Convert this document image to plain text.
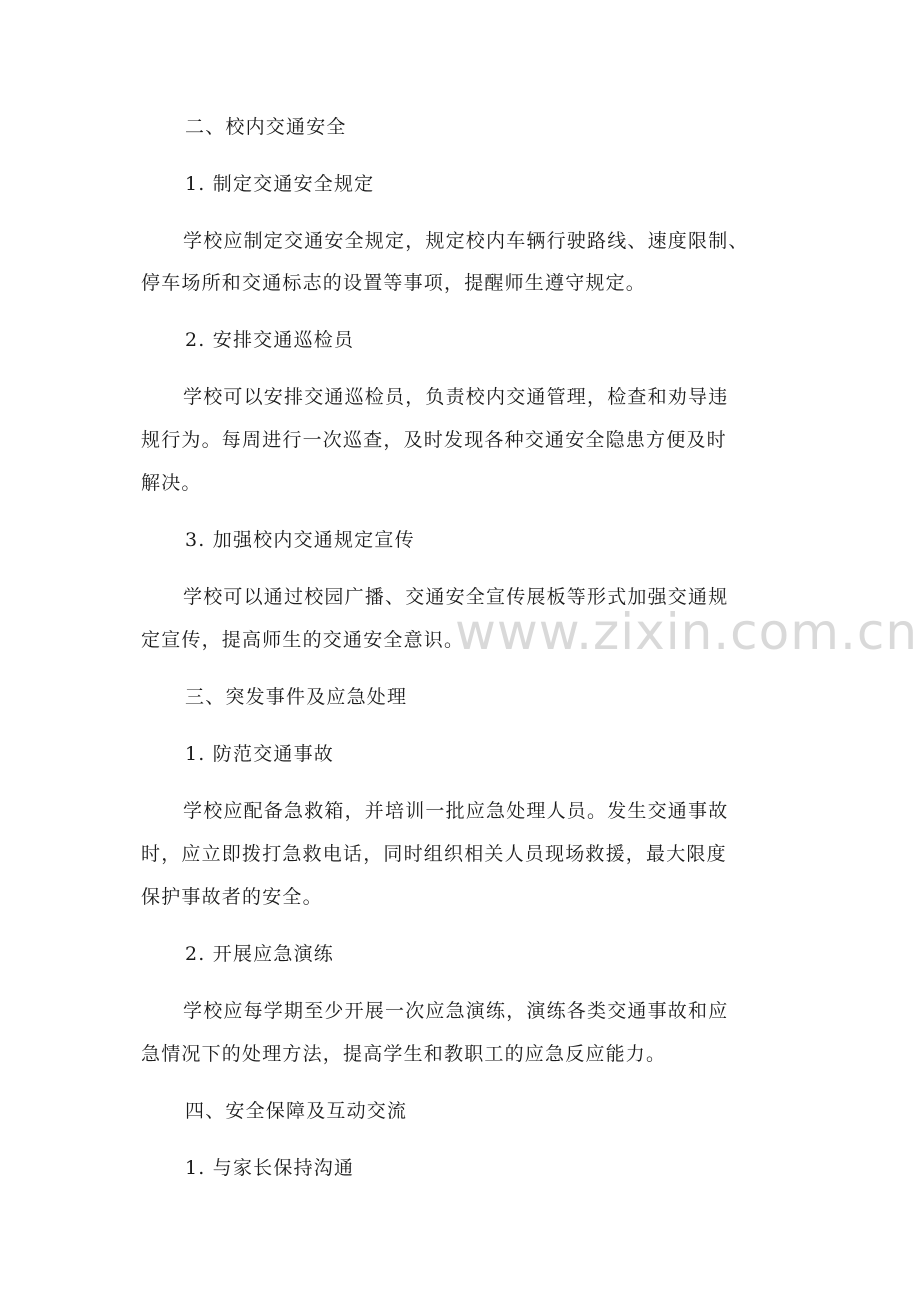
www.zixin.com.cn
二、校内交通安全
1. 制定交通安全规定
学校应制定交通安全规定，规定校内车辆行驶路线、速度限制、
停车场所和交通标志的设置等事项，提醒师生遵守规定。
2. 安排交通巡检员
学校可以安排交通巡检员，负责校内交通管理，检查和劝导违
规行为。每周进行一次巡查，及时发现各种交通安全隐患方便及时
解决。
3. 加强校内交通规定宣传
学校可以通过校园广播、交通安全宣传展板等形式加强交通规
定宣传，提高师生的交通安全意识。
三、突发事件及应急处理
1. 防范交通事故
学校应配备急救箱，并培训一批应急处理人员。发生交通事故
时，应立即拨打急救电话，同时组织相关人员现场救援，最大限度
保护事故者的安全。
2. 开展应急演练
学校应每学期至少开展一次应急演练，演练各类交通事故和应
急情况下的处理方法，提高学生和教职工的应急反应能力。
四、安全保障及互动交流
1. 与家长保持沟通
